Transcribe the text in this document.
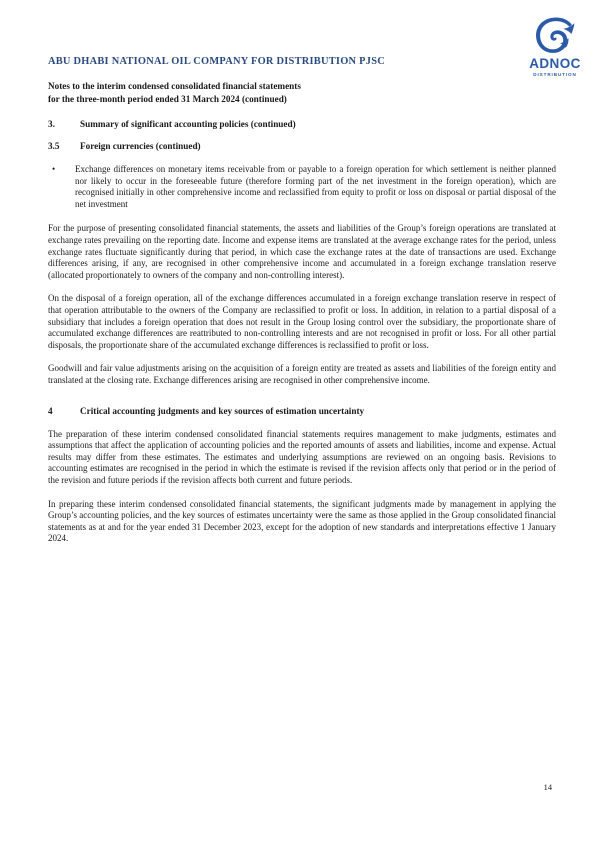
ADNOC
DISTRIBUTION
ABU DHABI NATIONAL OIL COMPANY FOR DISTRIBUTION PJSC
Notes to the interim condensed consolidated financial statements
for the three-month period ended 31 March 2024 (continued)
3.	Summary of significant accounting policies (continued)
3.5	Foreign currencies (continued)
•	Exchange differences on monetary items receivable from or payable to a foreign operation for which settlement is neither planned nor likely to occur in the foreseeable future (therefore forming part of the net investment in the foreign operation), which are recognised initially in other comprehensive income and reclassified from equity to profit or loss on disposal or partial disposal of the net investment

For the purpose of presenting consolidated financial statements, the assets and liabilities of the Group’s foreign operations are translated at exchange rates prevailing on the reporting date. Income and expense items are translated at the average exchange rates for the period, unless exchange rates fluctuate significantly during that period, in which case the exchange rates at the date of transactions are used. Exchange differences arising, if any, are recognised in other comprehensive income and accumulated in a foreign exchange translation reserve (allocated proportionately to owners of the company and non-controlling interest).

On the disposal of a foreign operation, all of the exchange differences accumulated in a foreign exchange translation reserve in respect of that operation attributable to the owners of the Company are reclassified to profit or loss. In addition, in relation to a partial disposal of a subsidiary that includes a foreign operation that does not result in the Group losing control over the subsidiary, the proportionate share of accumulated exchange differences are reattributed to non-controlling interests and are not recognised in profit or loss. For all other partial disposals, the proportionate share of the accumulated exchange differences is reclassified to profit or loss.

Goodwill and fair value adjustments arising on the acquisition of a foreign entity are treated as assets and liabilities of the foreign entity and translated at the closing rate. Exchange differences arising are recognised in other comprehensive income.

4	Critical accounting judgments and key sources of estimation uncertainty

The preparation of these interim condensed consolidated financial statements requires management to make judgments, estimates and assumptions that affect the application of accounting policies and the reported amounts of assets and liabilities, income and expense. Actual results may differ from these estimates. The estimates and underlying assumptions are reviewed on an ongoing basis. Revisions to accounting estimates are recognised in the period in which the estimate is revised if the revision affects only that period or in the period of the revision and future periods if the revision affects both current and future periods.

In preparing these interim condensed consolidated financial statements, the significant judgments made by management in applying the Group’s accounting policies, and the key sources of estimates uncertainty were the same as those applied in the Group consolidated financial statements as at and for the year ended 31 December 2023, except for the adoption of new standards and interpretations effective 1 January 2024.

14
